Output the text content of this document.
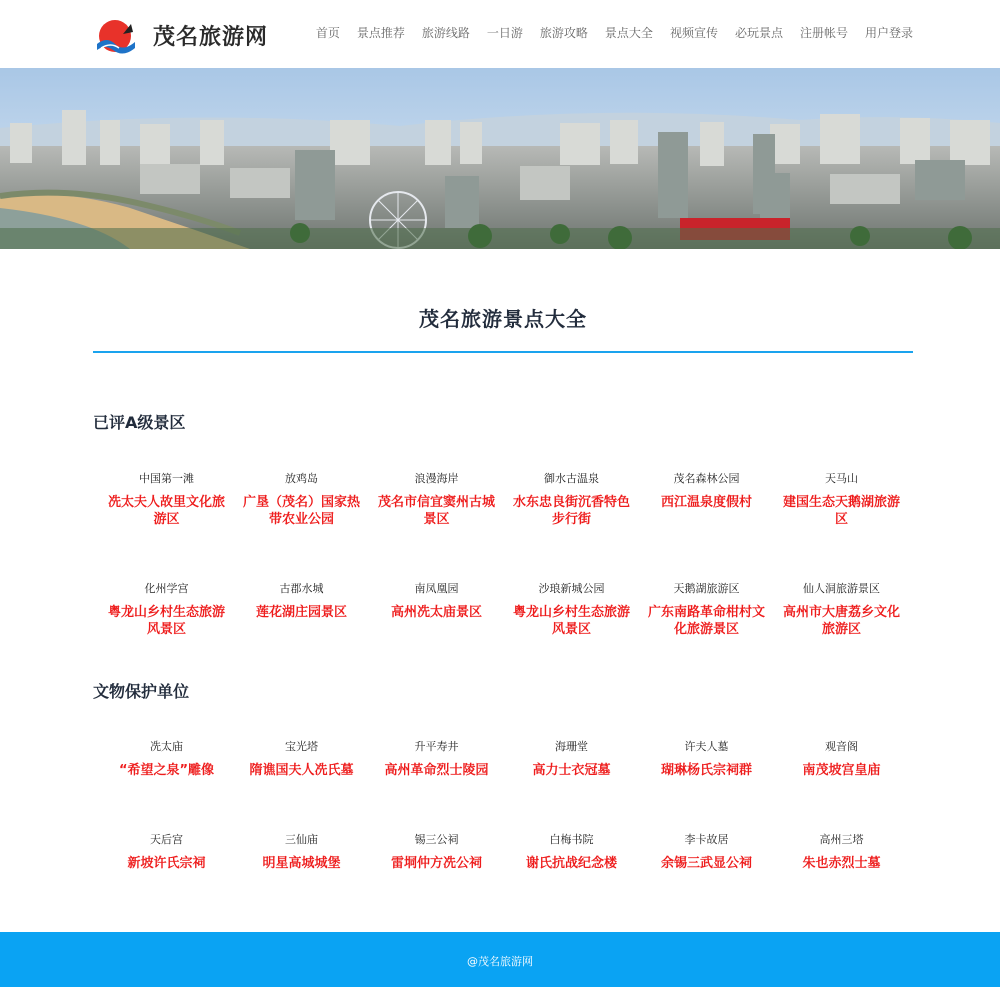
茂名旅游网	首页 景点推荐 旅游线路 一日游 旅游攻略 景点大全 视频宣传 必玩景点 注册帐号 用户登录
茂名旅游景点大全
已评A级景区
中国第一滩
冼太夫人故里文化旅游区
放鸡岛
广垦（茂名）国家热带农业公园
浪漫海岸
茂名市信宜窦州古城景区
御水古温泉
水东忠良街沉香特色步行街
茂名森林公园
西江温泉度假村
天马山
建国生态天鹅湖旅游区
化州学宫
粤龙山乡村生态旅游风景区
古郡水城
莲花湖庄园景区
南凤凰园
高州冼太庙景区
沙琅新城公园
粤龙山乡村生态旅游风景区
天鹅湖旅游区
广东南路革命柑村文化旅游景区
仙人洞旅游景区
高州市大唐荔乡文化旅游区
文物保护单位
冼太庙
“希望之泉”雕像
宝光塔
隋谯国夫人冼氏墓
升平寿井
高州革命烈士陵园
海珊堂
高力士衣冠墓
许夫人墓
瑚琳杨氏宗祠群
观音阁
南茂坡宫皇庙
天后宫
新坡许氏宗祠
三仙庙
明星高城城堡
锡三公祠
雷垌仲方冼公祠
白梅书院
谢氏抗战纪念楼
李卡故居
余锡三武显公祠
高州三塔
朱也赤烈士墓
@茂名旅游网
